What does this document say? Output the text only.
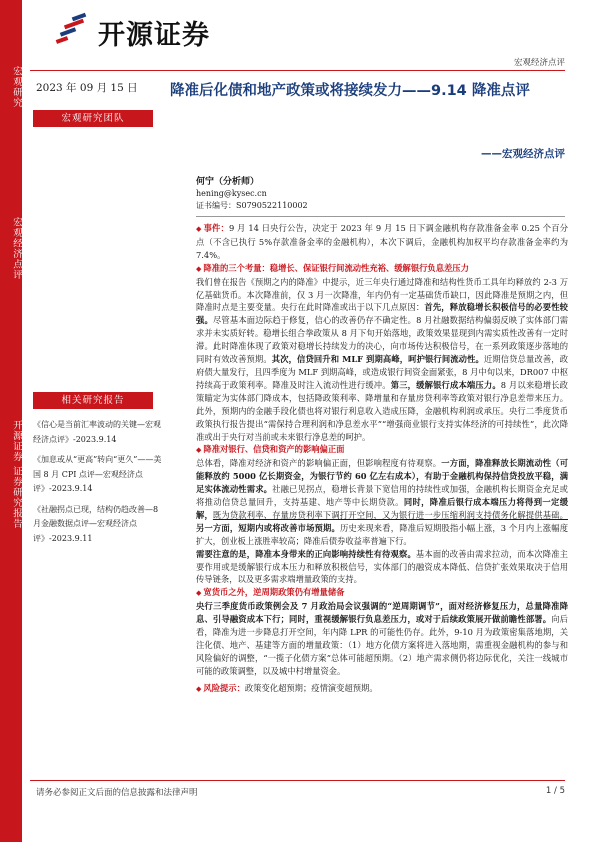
宏观研究
宏观经济点评
开源证券 证券研究报告
开源证券
宏观经济点评
2023 年 09 月 15 日
宏观研究团队
降准后化债和地产政策或将接续发力——9.14 降准点评
——宏观经济点评
何宁（分析师）
hening@kysec.cn
证书编号：S0790522110002
相关研究报告
《信心是当前汇率波动的关键—宏观经济点评》-2023.9.14
《加息或从“更高”转向“更久”——美国 8 月 CPI 点评—宏观经济点评》-2023.9.14
《社融拐点已现，结构仍趋改善—8 月金融数据点评—宏观经济点评》-2023.9.11

◆ 事件：9 月 14 日央行公告，决定于 2023 年 9 月 15 日下调金融机构存款准备金率 0.25 个百分点（不含已执行 5%存款准备金率的金融机构），本次下调后，金融机构加权平均存款准备金率约为 7.4%。

◆ 降准的三个考量：稳增长、保证银行间流动性充裕、缓解银行负息差压力

我们曾在报告《预期之内的降准》中提示，近三年央行通过降准和结构性货币工具年均释放约 2-3 万亿基础货币。本次降准前，仅 3 月一次降准，年内仍有一定基础货币缺口，因此降准是预期之内，但降准时点是主要变量。央行在此时降准或出于以下几点原因：首先，释放稳增长积极信号的必要性较强。尽管基本面边际趋于修复，信心的改善仍存不确定性。8 月社融数据结构偏弱反映了实体部门需求并未实质好转。稳增长组合拳政策从 8 月下旬开始落地，政策效果显现到内需实质性改善有一定时滞。此时降准体现了政策对稳增长持续发力的决心，向市场传达积极信号，在一系列政策逐步落地的同时有效改善预期。其次，信贷回升和 MLF 到期高峰，呵护银行间流动性。近期信贷总量改善，政府债大量发行，且四季度为 MLF 到期高峰，或造成银行间资金面紧张，8 月中旬以来，DR007 中枢持续高于政策利率。降准及时注入流动性进行缓冲。第三，缓解银行成本端压力。8 月以来稳增长政策瞄定为实体部门降成本，包括降政策利率、降增量和存量房贷利率等政策对银行净息差带来压力。此外，预期内的金融手段化债也将对银行利息收入造成压降，金融机构利润或承压。央行二季度货币政策执行报告提出“需保持合理利润和净息差水平”“增强商业银行支持实体经济的可持续性”，此次降准或出于央行对当前或未来银行净息差的呵护。

◆ 降准对银行、信贷和资产的影响偏正面

总体看，降准对经济和资产的影响偏正面，但影响程度有待观察。一方面，降准释放长期流动性（可能释放约 5000 亿长期资金，为银行节约 60 亿左右成本），有助于金融机构保持信贷投放平稳，满足实体流动性需求。社融已见拐点，稳增长背景下宽信用的持续性或加强，金融机构长期资金充足或将推动信贷总量回升，支持基建、地产等中长期贷款。同时，降准后银行成本端压力将得到一定缓解，既为贷款利率、存量房贷利率下调打开空间，又为银行进一步压缩利润支持债务化解提供基础。另一方面，短期内或将改善市场预期。历史来现来看，降准后短期股指小幅上涨，3 个月内上涨幅度扩大，创业板上涨胜率较高；降准后债券收益率普遍下行。

需要注意的是，降准本身带来的正向影响持续性有待观察。基本面的改善由需求拉动，而本次降准主要作用或是缓解银行成本压力和释放积极信号，实体部门的融资成本降低、信贷扩张效果取决于信用传导链条，以及更多需求端增量政策的支持。

◆ 宽货币之外，逆周期政策仍有增量储备

央行三季度货币政策例会及 7 月政治局会议强调的“逆周期调节”，面对经济修复压力，总量降准降息、引导融资成本下行；同时，重视缓解银行负息差压力，或对于后续政策展开做前瞻性部署。向后看，降准为进一步降息打开空间，年内降 LPR 的可能性仍存。此外，9-10 月为政策密集落地期，关注化债、地产、基建等方面的增量政策：（1）地方化债方案将进入落地期，需重视金融机构的参与和风险偏好的调整，“一揽子化债方案”总体可能超预期。（2）地产需求侧仍将边际优化，关注一线城市可能的政策调整，以及城中村增量资金。

◆ 风险提示：政策变化超预期；疫情演变超预期。

请务必参阅正文后面的信息披露和法律声明	1 / 5
